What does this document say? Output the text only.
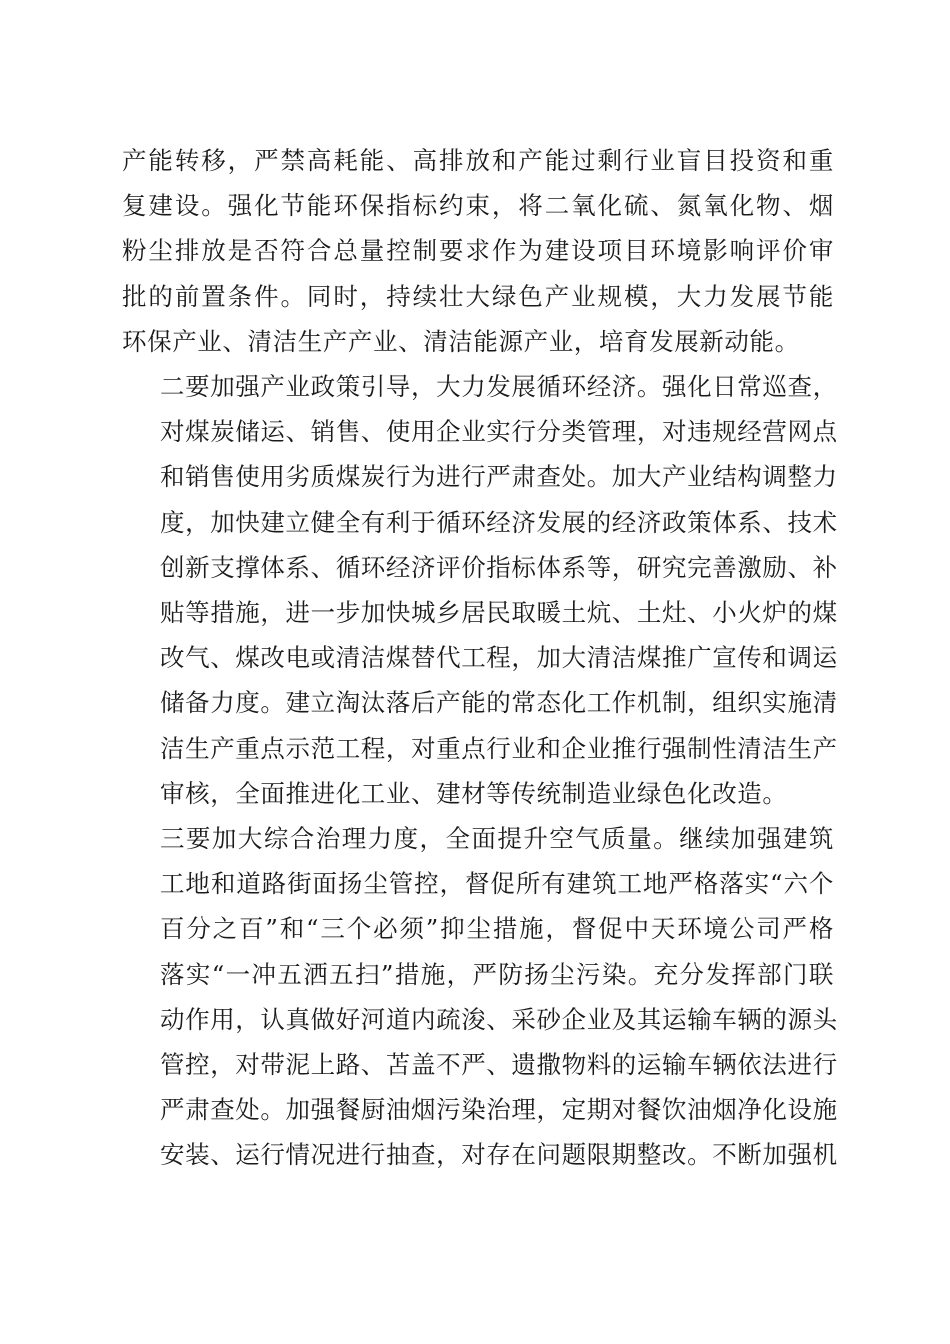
产能转移，严禁高耗能、高排放和产能过剩行业盲目投资和重
复建设。强化节能环保指标约束，将二氧化硫、氮氧化物、烟
粉尘排放是否符合总量控制要求作为建设项目环境影响评价审
批的前置条件。同时，持续壮大绿色产业规模，大力发展节能
环保产业、清洁生产产业、清洁能源产业，培育发展新动能。
二要加强产业政策引导，大力发展循环经济。强化日常巡查，
对煤炭储运、销售、使用企业实行分类管理，对违规经营网点
和销售使用劣质煤炭行为进行严肃查处。加大产业结构调整力
度，加快建立健全有利于循环经济发展的经济政策体系、技术
创新支撑体系、循环经济评价指标体系等，研究完善激励、补
贴等措施，进一步加快城乡居民取暖土炕、土灶、小火炉的煤
改气、煤改电或清洁煤替代工程，加大清洁煤推广宣传和调运
储备力度。建立淘汰落后产能的常态化工作机制，组织实施清
洁生产重点示范工程，对重点行业和企业推行强制性清洁生产
审核，全面推进化工业、建材等传统制造业绿色化改造。
三要加大综合治理力度，全面提升空气质量。继续加强建筑
工地和道路街面扬尘管控，督促所有建筑工地严格落实“六个
百分之百”和“三个必须”抑尘措施，督促中天环境公司严格
落实“一冲五洒五扫”措施，严防扬尘污染。充分发挥部门联
动作用，认真做好河道内疏浚、采砂企业及其运输车辆的源头
管控，对带泥上路、苫盖不严、遗撒物料的运输车辆依法进行
严肃查处。加强餐厨油烟污染治理，定期对餐饮油烟净化设施
安装、运行情况进行抽查，对存在问题限期整改。不断加强机
